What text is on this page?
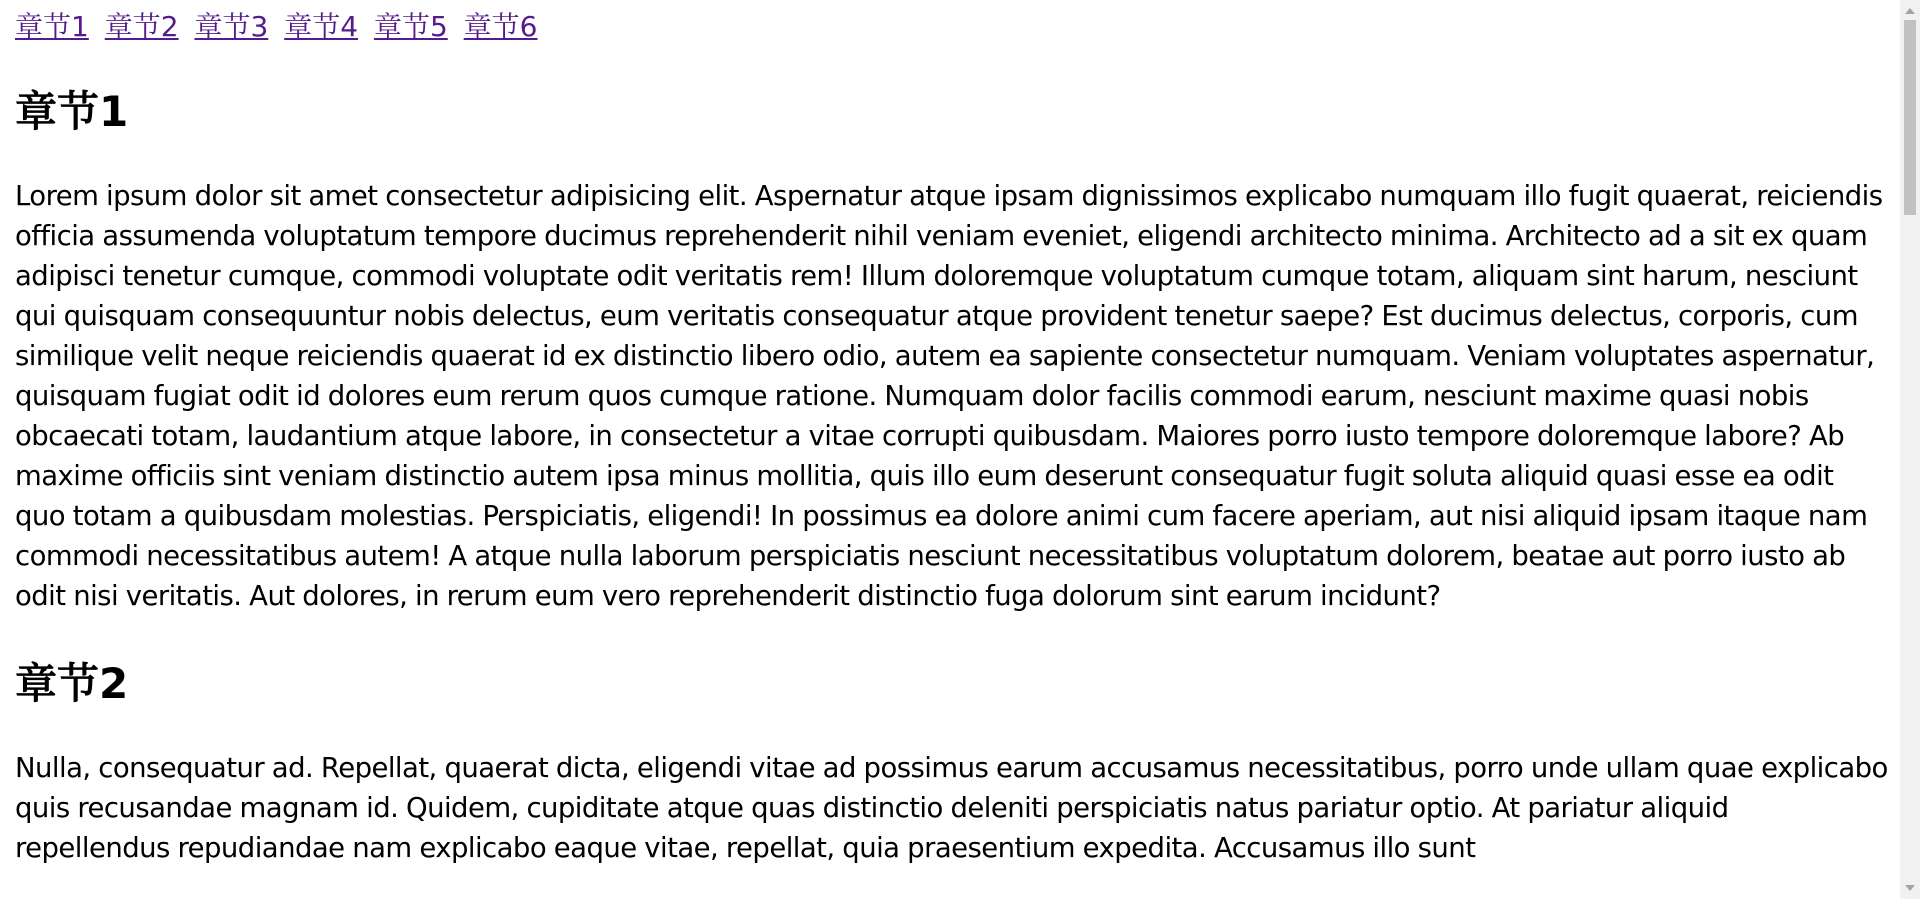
章节1 章节2 章节3 章节4 章节5 章节6
章节1

Lorem ipsum dolor sit amet consectetur adipisicing elit. Aspernatur atque ipsam dignissimos explicabo numquam illo fugit quaerat, reiciendis officia assumenda voluptatum tempore ducimus reprehenderit nihil veniam eveniet, eligendi architecto minima. Architecto ad a sit ex quam adipisci tenetur cumque, commodi voluptate odit veritatis rem! Illum doloremque voluptatum cumque totam, aliquam sint harum, nesciunt qui quisquam consequuntur nobis delectus, eum veritatis consequatur atque provident tenetur saepe? Est ducimus delectus, corporis, cum similique velit neque reiciendis quaerat id ex distinctio libero odio, autem ea sapiente consectetur numquam. Veniam voluptates aspernatur, quisquam fugiat odit id dolores eum rerum quos cumque ratione. Numquam dolor facilis commodi earum, nesciunt maxime quasi nobis obcaecati totam, laudantium atque labore, in consectetur a vitae corrupti quibusdam. Maiores porro iusto tempore doloremque labore? Ab maxime officiis sint veniam distinctio autem ipsa minus mollitia, quis illo eum deserunt consequatur fugit soluta aliquid quasi esse ea odit quo totam a quibusdam molestias. Perspiciatis, eligendi! In possimus ea dolore animi cum facere aperiam, aut nisi aliquid ipsam itaque nam commodi necessitatibus autem! A atque nulla laborum perspiciatis nesciunt necessitatibus voluptatum dolorem, beatae aut porro iusto ab odit nisi veritatis. Aut dolores, in rerum eum vero reprehenderit distinctio fuga dolorum sint earum incidunt?

章节2

Nulla, consequatur ad. Repellat, quaerat dicta, eligendi vitae ad possimus earum accusamus necessitatibus, porro unde ullam quae explicabo quis recusandae magnam id. Quidem, cupiditate atque quas distinctio deleniti perspiciatis natus pariatur optio. At pariatur aliquid repellendus repudiandae nam explicabo eaque vitae, repellat, quia praesentium expedita. Accusamus illo sunt
